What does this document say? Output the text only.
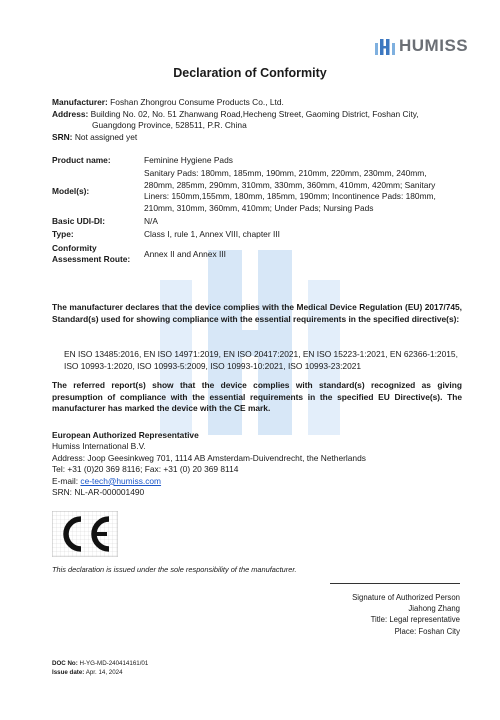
HUMISS
Declaration of Conformity
Manufacturer: Foshan Zhongrou Consume Products Co., Ltd.
Address: Building No. 02, No. 51 Zhanwang Road,Hecheng Street, Gaoming District, Foshan City,
Guangdong Province, 528511, P.R. China
SRN: Not assigned yet
Product name:	Feminine Hygiene Pads
Model(s):	Sanitary Pads: 180mm, 185mm, 190mm, 210mm, 220mm, 230mm, 240mm, 280mm, 285mm, 290mm, 310mm, 330mm, 360mm, 410mm, 420mm; Sanitary Liners: 150mm,155mm, 180mm, 185mm, 190mm; Incontinence Pads: 180mm, 210mm, 310mm, 360mm, 410mm; Under Pads; Nursing Pads
Basic UDI-DI:	N/A
Type:	Class I, rule 1, Annex VIII, chapter III
Conformity
Assessment Route:	Annex II and Annex III
The manufacturer declares that the device complies with the Medical Device Regulation (EU) 2017/745, Standard(s) used for showing compliance with the essential requirements in the specified directive(s):
EN ISO 13485:2016, EN ISO 14971:2019, EN ISO 20417:2021, EN ISO 15223-1:2021, EN 62366-1:2015, ISO 10993-1:2020, ISO 10993-5:2009, ISO 10993-10:2021, ISO 10993-23:2021
The referred report(s) show that the device complies with standard(s) recognized as giving presumption of compliance with the essential requirements in the specified EU Directive(s). The manufacturer has marked the device with the CE mark.
European Authorized Representative
Humiss International B.V.
Address: Joop Geesinkweg 701, 1114 AB Amsterdam-Duivendrecht, the Netherlands
Tel: +31 (0)20 369 8116; Fax: +31 (0) 20 369 8114
E-mail: ce-tech@humiss.com
SRN: NL-AR-000001490
This declaration is issued under the sole responsibility of the manufacturer.
Signature of Authorized Person
Jiahong Zhang
Title: Legal representative
Place: Foshan City
DOC No: H-YG-MD-240414161/01
Issue date: Apr. 14, 2024
